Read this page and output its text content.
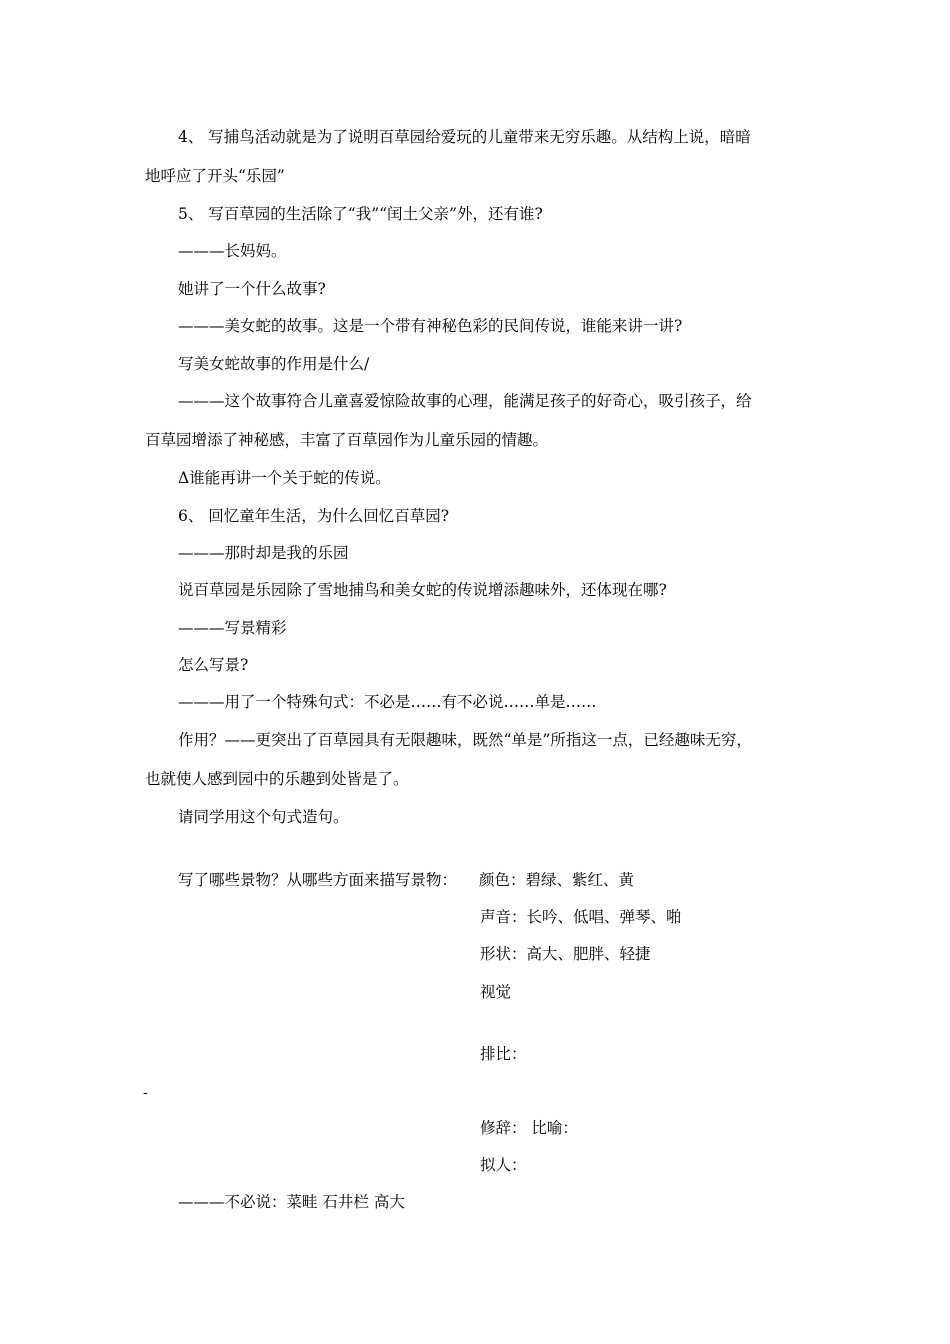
4、 写捕鸟活动就是为了说明百草园给爱玩的儿童带来无穷乐趣。从结构上说，暗暗
地呼应了开头“乐园”
5、 写百草园的生活除了“我”“闰土父亲”外，还有谁?
———长妈妈。
她讲了一个什么故事?
———美女蛇的故事。这是一个带有神秘色彩的民间传说，谁能来讲一讲?
写美女蛇故事的作用是什么/
———这个故事符合儿童喜爱惊险故事的心理，能满足孩子的好奇心，吸引孩子，给
百草园增添了神秘感，丰富了百草园作为儿童乐园的情趣。
Δ谁能再讲一个关于蛇的传说。
6、 回忆童年生活，为什么回忆百草园?
———那时却是我的乐园
说百草园是乐园除了雪地捕鸟和美女蛇的传说增添趣味外，还体现在哪?
———写景精彩
怎么写景?
———用了一个特殊句式：不必是……有不必说……单是……
作用？——更突出了百草园具有无限趣味，既然“单是”所指这一点，已经趣味无穷，
也就使人感到园中的乐趣到处皆是了。
请同学用这个句式造句。
写了哪些景物？从哪些方面来描写景物： 颜色：碧绿、紫红、黄
声音：长吟、低唱、弹琴、啪
形状：高大、肥胖、轻捷
视觉
排比：
-
修辞： 比喻：
拟人：
———不必说：菜畦 石井栏 高大
